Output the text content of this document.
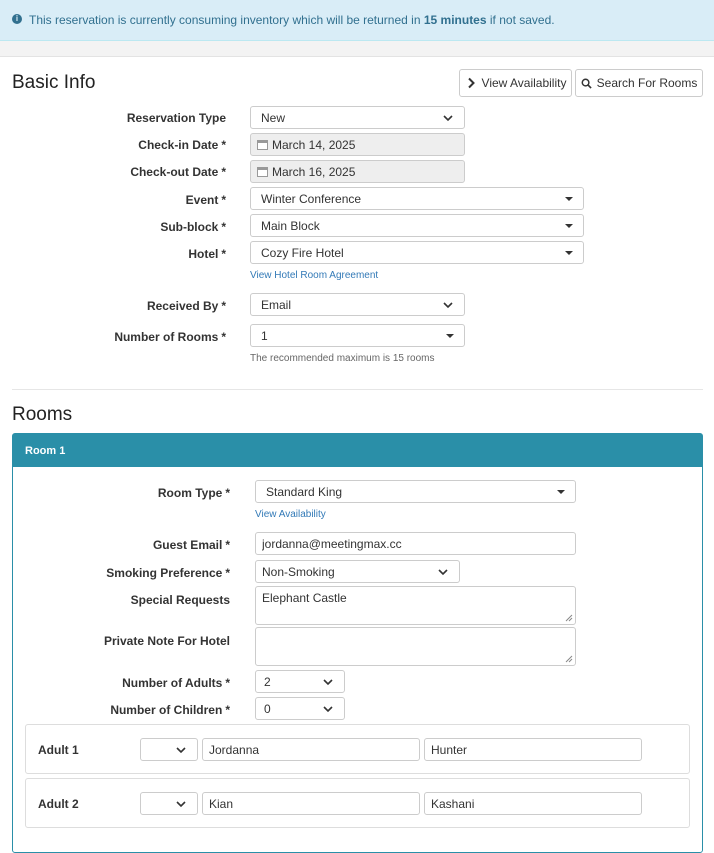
i This reservation is currently consuming inventory which will be returned in 15 minutes if not saved.
Basic Info	View Availability	Search For Rooms
Reservation Type	New
Check-in Date *	March 14, 2025
Check-out Date *	March 16, 2025
Event *	Winter Conference
Sub-block *	Main Block
Hotel *	Cozy Fire Hotel
View Hotel Room Agreement
Received By *	Email
Number of Rooms *	1
The recommended maximum is 15 rooms
Rooms
Room 1
Room Type *	Standard King
View Availability
Guest Email *	jordanna@meetingmax.cc
Smoking Preference *	Non-Smoking
Special Requests	Elephant Castle
Private Note For Hotel
Number of Adults *	2
Number of Children *	0
Adult 1	Jordanna	Hunter
Adult 2	Kian	Kashani
